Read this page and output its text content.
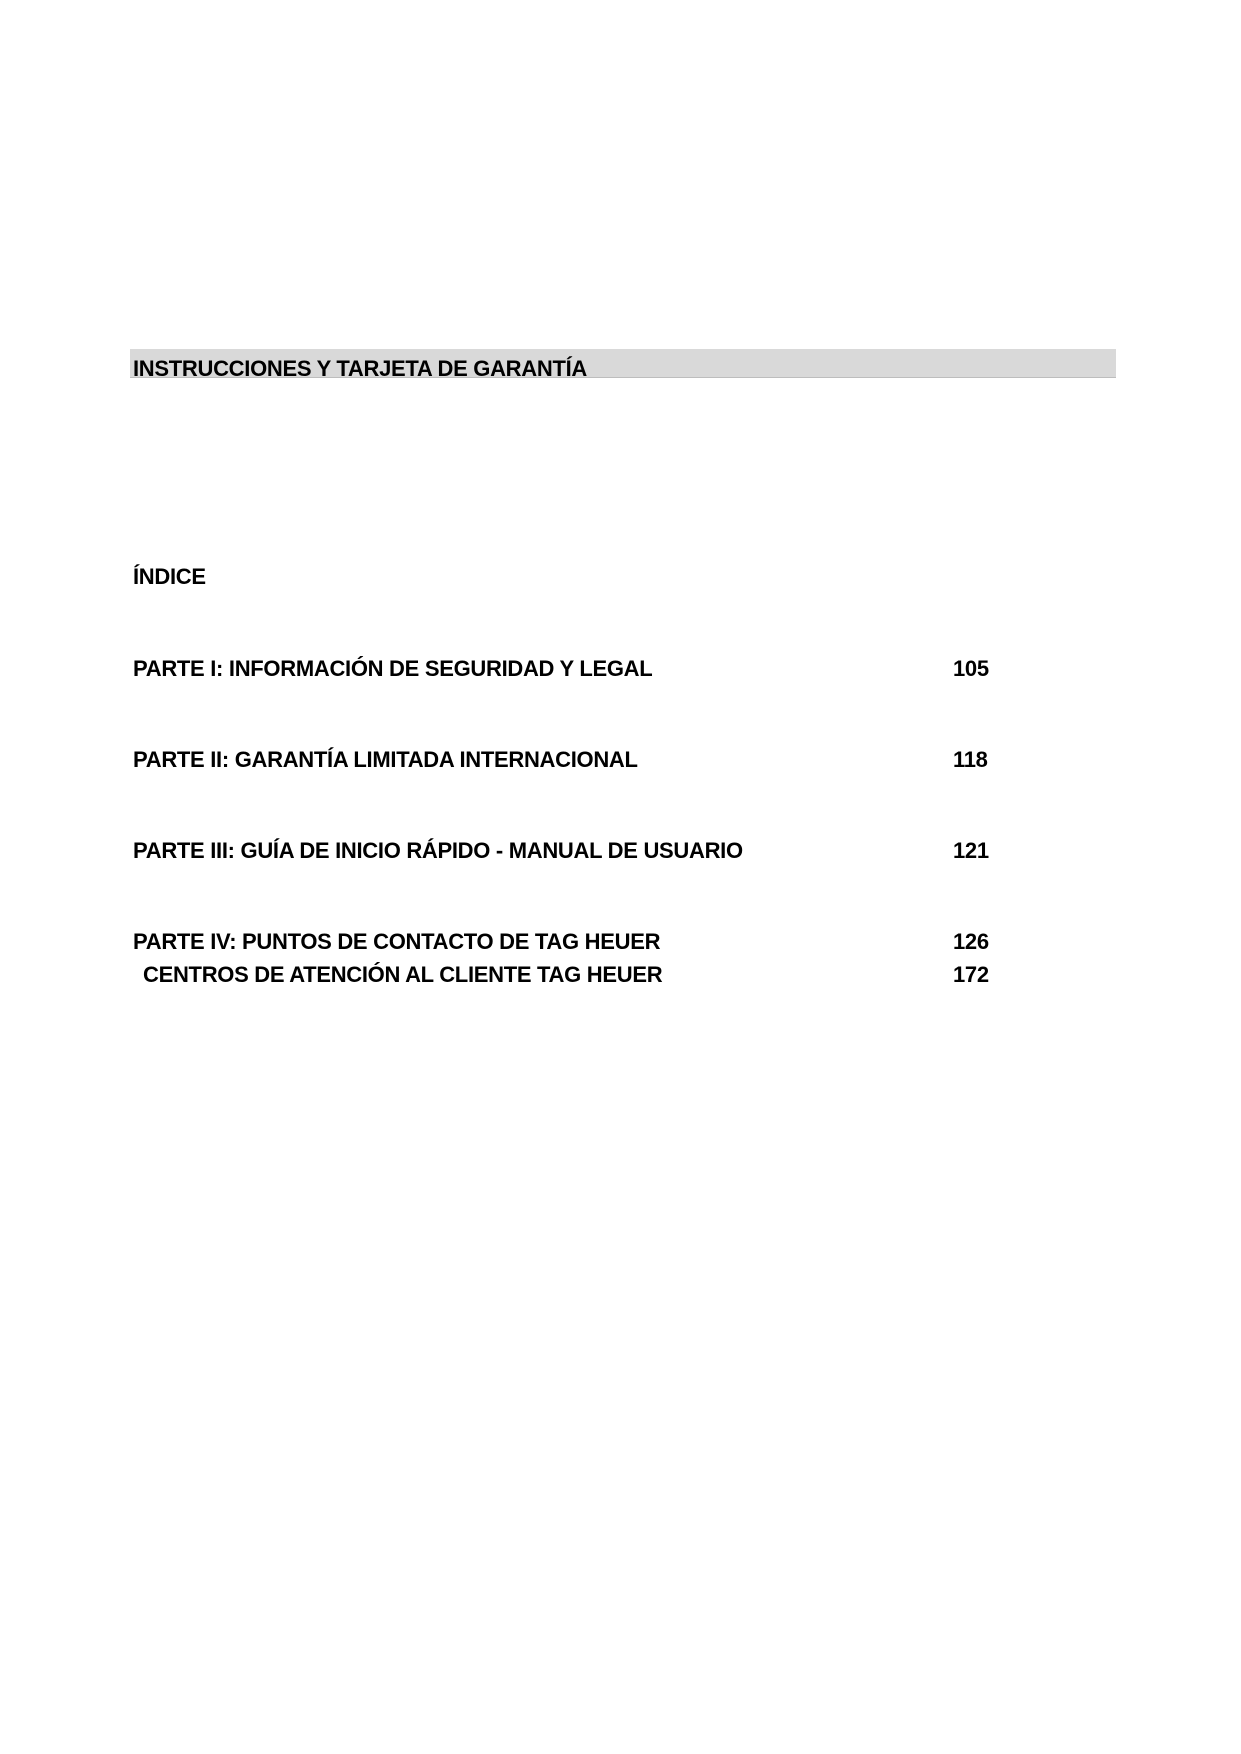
INSTRUCCIONES Y TARJETA DE GARANTÍA
ÍNDICE
PARTE I: INFORMACIÓN DE SEGURIDAD Y LEGAL	105
PARTE II: GARANTÍA LIMITADA INTERNACIONAL	118
PARTE III: GUÍA DE INICIO RÁPIDO - MANUAL DE USUARIO	121
PARTE IV: PUNTOS DE CONTACTO DE TAG HEUER	126
CENTROS DE ATENCIÓN AL CLIENTE TAG HEUER	172
